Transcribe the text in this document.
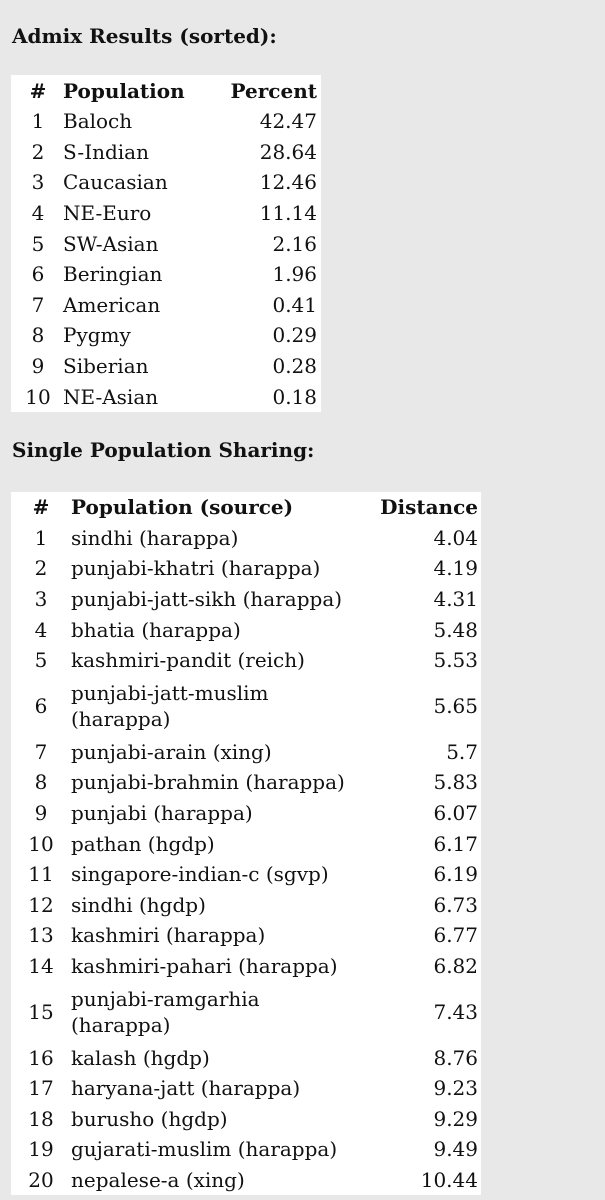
Admix Results (sorted):
#	Population	Percent
1	Baloch	42.47
2	S-Indian	28.64
3	Caucasian	12.46
4	NE-Euro	11.14
5	SW-Asian	2.16
6	Beringian	1.96
7	American	0.41
8	Pygmy	0.29
9	Siberian	0.28
10	NE-Asian	0.18
Single Population Sharing:
#	Population (source)	Distance
1	sindhi (harappa)	4.04
2	punjabi-khatri (harappa)	4.19
3	punjabi-jatt-sikh (harappa)	4.31
4	bhatia (harappa)	5.48
5	kashmiri-pandit (reich)	5.53
6	punjabi-jatt-muslim
(harappa)	5.65
7	punjabi-arain (xing)	5.7
8	punjabi-brahmin (harappa)	5.83
9	punjabi (harappa)	6.07
10	pathan (hgdp)	6.17
11	singapore-indian-c (sgvp)	6.19
12	sindhi (hgdp)	6.73
13	kashmiri (harappa)	6.77
14	kashmiri-pahari (harappa)	6.82
15	punjabi-ramgarhia
(harappa)	7.43
16	kalash (hgdp)	8.76
17	haryana-jatt (harappa)	9.23
18	burusho (hgdp)	9.29
19	gujarati-muslim (harappa)	9.49
20	nepalese-a (xing)	10.44
